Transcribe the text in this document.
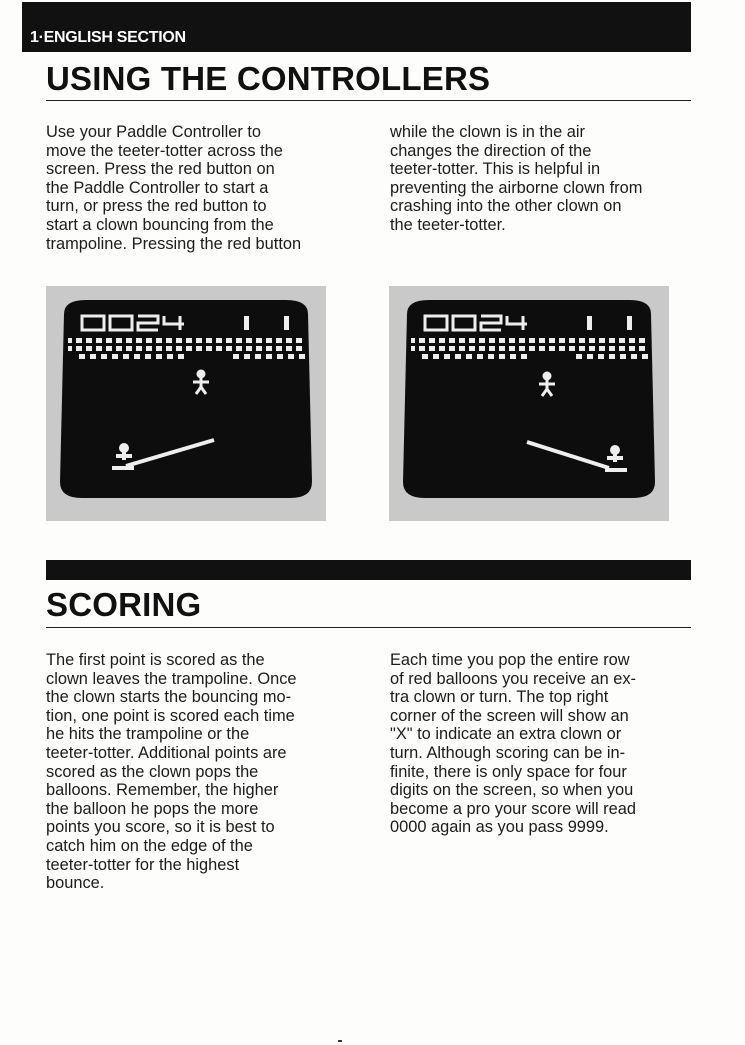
1·ENGLISH SECTION
USING THE CONTROLLERS

Use your Paddle Controller to
move the teeter-totter across the
screen. Press the red button on
the Paddle Controller to start a
turn, or press the red button to
start a clown bouncing from the
trampoline. Pressing the red button

while the clown is in the air
changes the direction of the
teeter-totter. This is helpful in
preventing the airborne clown from
crashing into the other clown on
the teeter-totter.

SCORING

The first point is scored as the
clown leaves the trampoline. Once
the clown starts the bouncing mo-
tion, one point is scored each time
he hits the trampoline or the
teeter-totter. Additional points are
scored as the clown pops the
balloons. Remember, the higher
the balloon he pops the more
points you score, so it is best to
catch him on the edge of the
teeter-totter for the highest
bounce.

Each time you pop the entire row
of red balloons you receive an ex-
tra clown or turn. The top right
corner of the screen will show an
"X" to indicate an extra clown or
turn. Although scoring can be in-
finite, there is only space for four
digits on the screen, so when you
become a pro your score will read
0000 again as you pass 9999.
